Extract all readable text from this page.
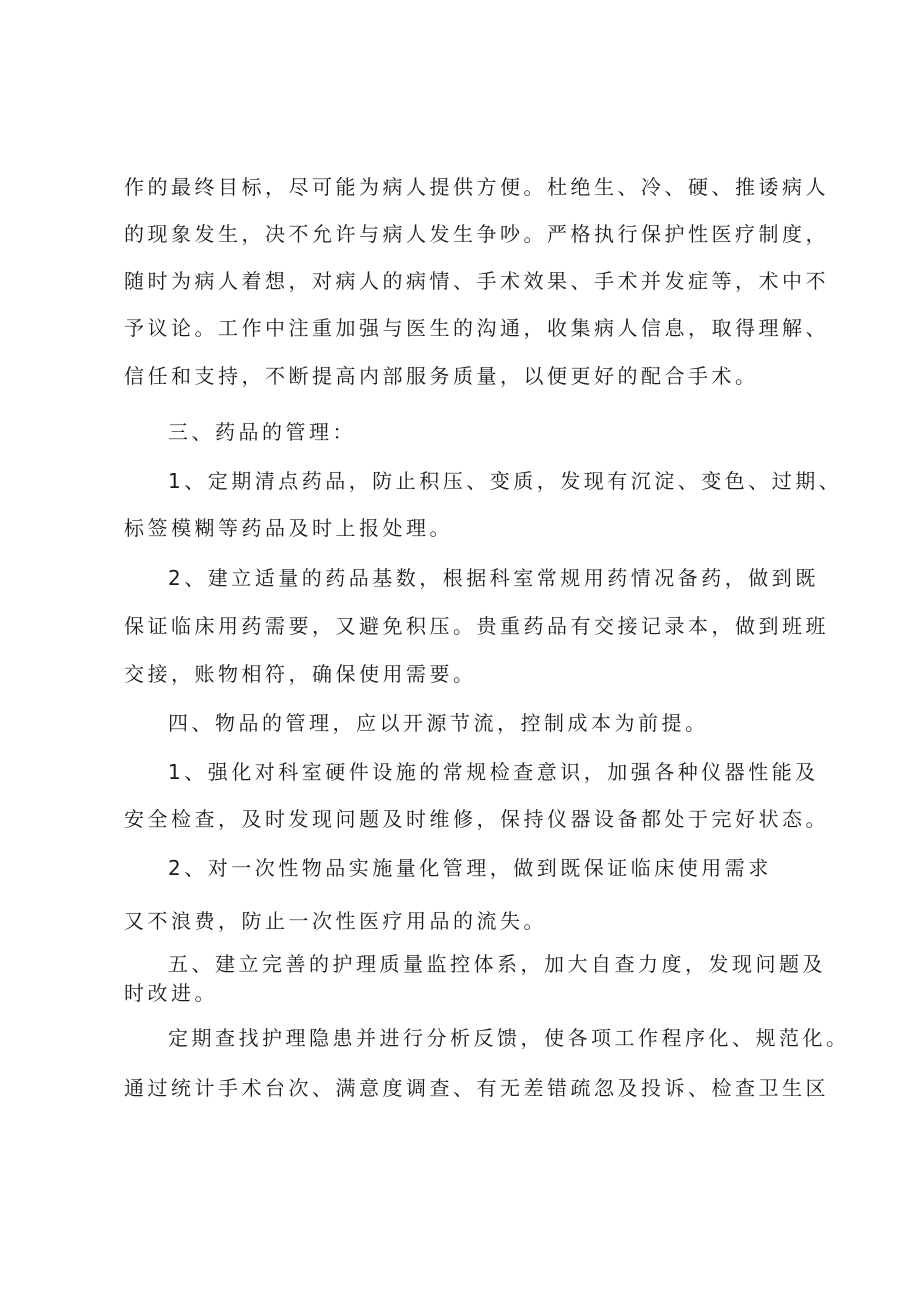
作的最终目标，尽可能为病人提供方便。杜绝生、冷、硬、推诿病人

的现象发生，决不允许与病人发生争吵。严格执行保护性医疗制度，

随时为病人着想，对病人的病情、手术效果、手术并发症等，术中不

予议论。工作中注重加强与医生的沟通，收集病人信息，取得理解、

信任和支持，不断提高内部服务质量，以便更好的配合手术。

三、药品的管理：

1、定期清点药品，防止积压、变质，发现有沉淀、变色、过期、

标签模糊等药品及时上报处理。

2、建立适量的药品基数，根据科室常规用药情况备药，做到既

保证临床用药需要，又避免积压。贵重药品有交接记录本，做到班班

交接，账物相符，确保使用需要。

四、物品的管理，应以开源节流，控制成本为前提。

1、强化对科室硬件设施的常规检查意识，加强各种仪器性能及

安全检查，及时发现问题及时维修，保持仪器设备都处于完好状态。

2、对一次性物品实施量化管理，做到既保证临床使用需求

又不浪费，防止一次性医疗用品的流失。

五、建立完善的护理质量监控体系，加大自查力度，发现问题及

时改进。

定期查找护理隐患并进行分析反馈，使各项工作程序化、规范化。

通过统计手术台次、满意度调查、有无差错疏忽及投诉、检查卫生区
